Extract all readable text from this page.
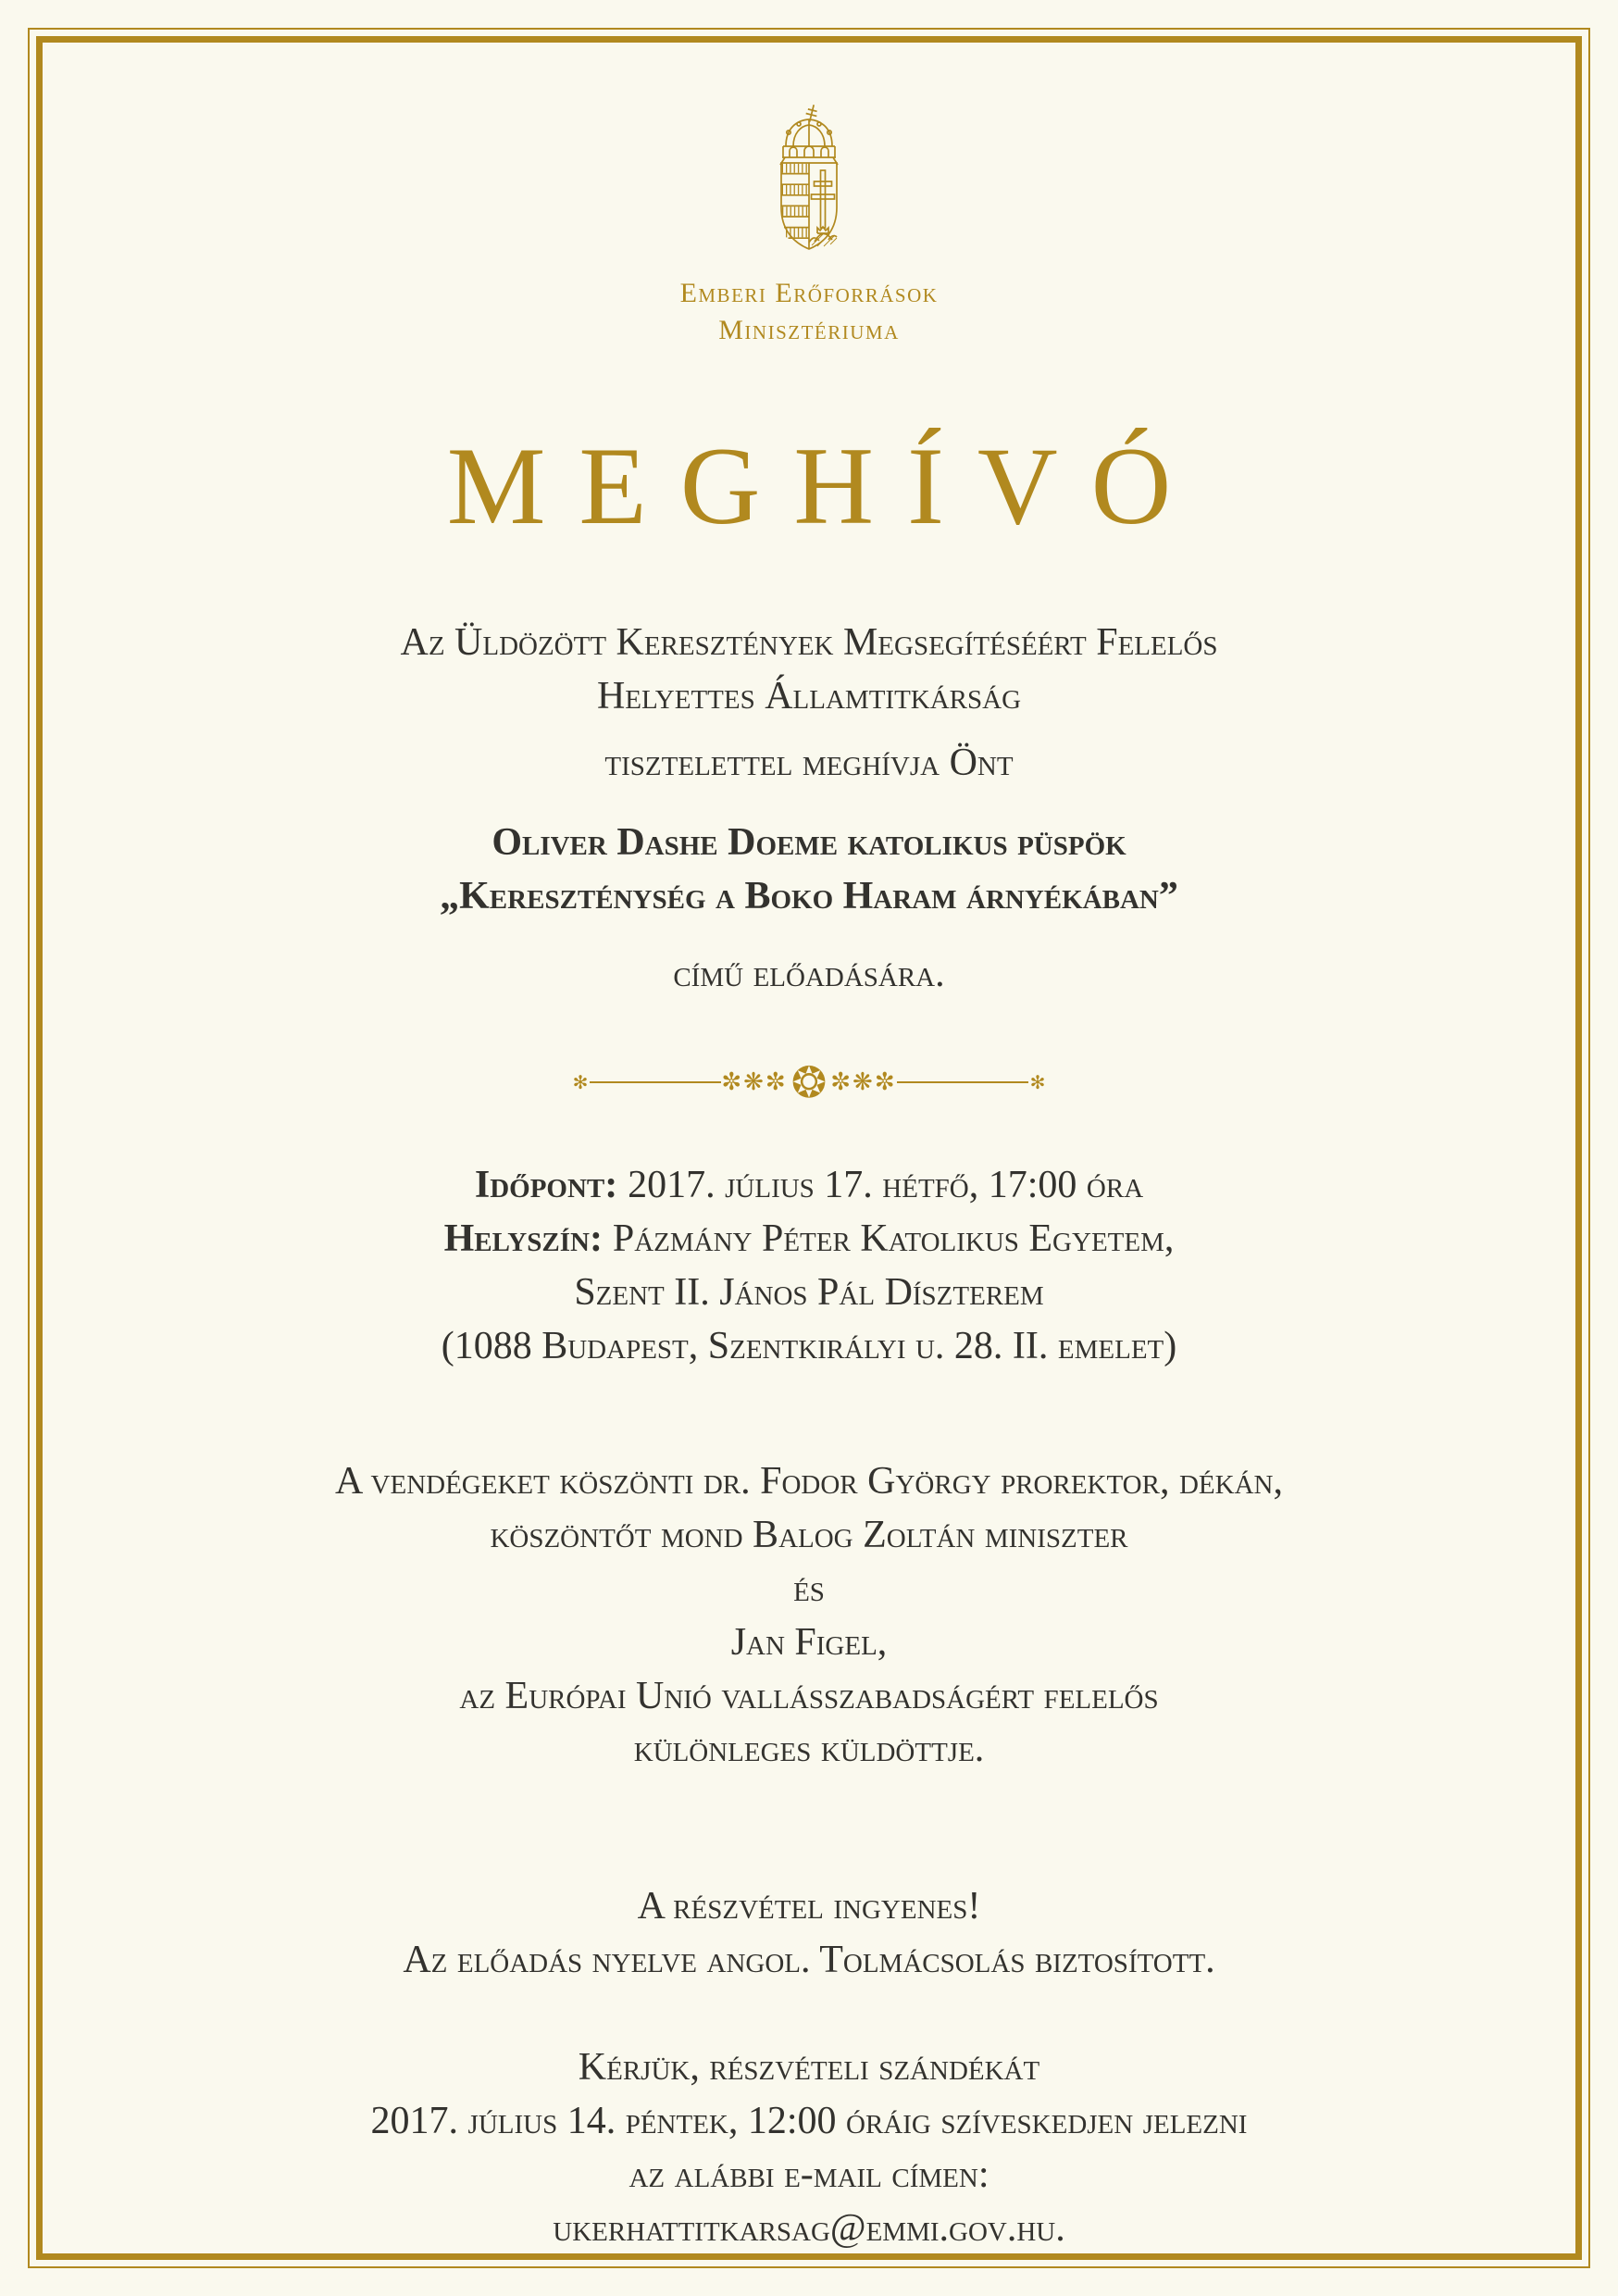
Emberi Erőforrások
Minisztériuma
MEGHÍVÓ
Az Üldözött Keresztények Megsegítéséért Felelős
Helyettes Államtitkárság
tisztelettel meghívja Önt
Oliver Dashe Doeme katolikus püspök
„Kereszténység a Boko Haram árnyékában”
című előadására.
✻	✼❋✼ ❂ ✼❋✼	✻
Időpont: 2017. július 17. hétfő, 17:00 óra
Helyszín: Pázmány Péter Katolikus Egyetem,
Szent II. János Pál Díszterem
(1088 Budapest, Szentkirályi u. 28. II. emelet)
A vendégeket köszönti dr. Fodor György prorektor, dékán,
köszöntőt mond Balog Zoltán miniszter
és
Jan Figel,
az Európai Unió vallásszabadságért felelős
különleges küldöttje.
A részvétel ingyenes!
Az előadás nyelve angol. Tolmácsolás biztosított.
Kérjük, részvételi szándékát
2017. július 14. péntek, 12:00 óráig szíveskedjen jelezni
az alábbi e-mail címen:
ukerhattitkarsag@emmi.gov.hu.
